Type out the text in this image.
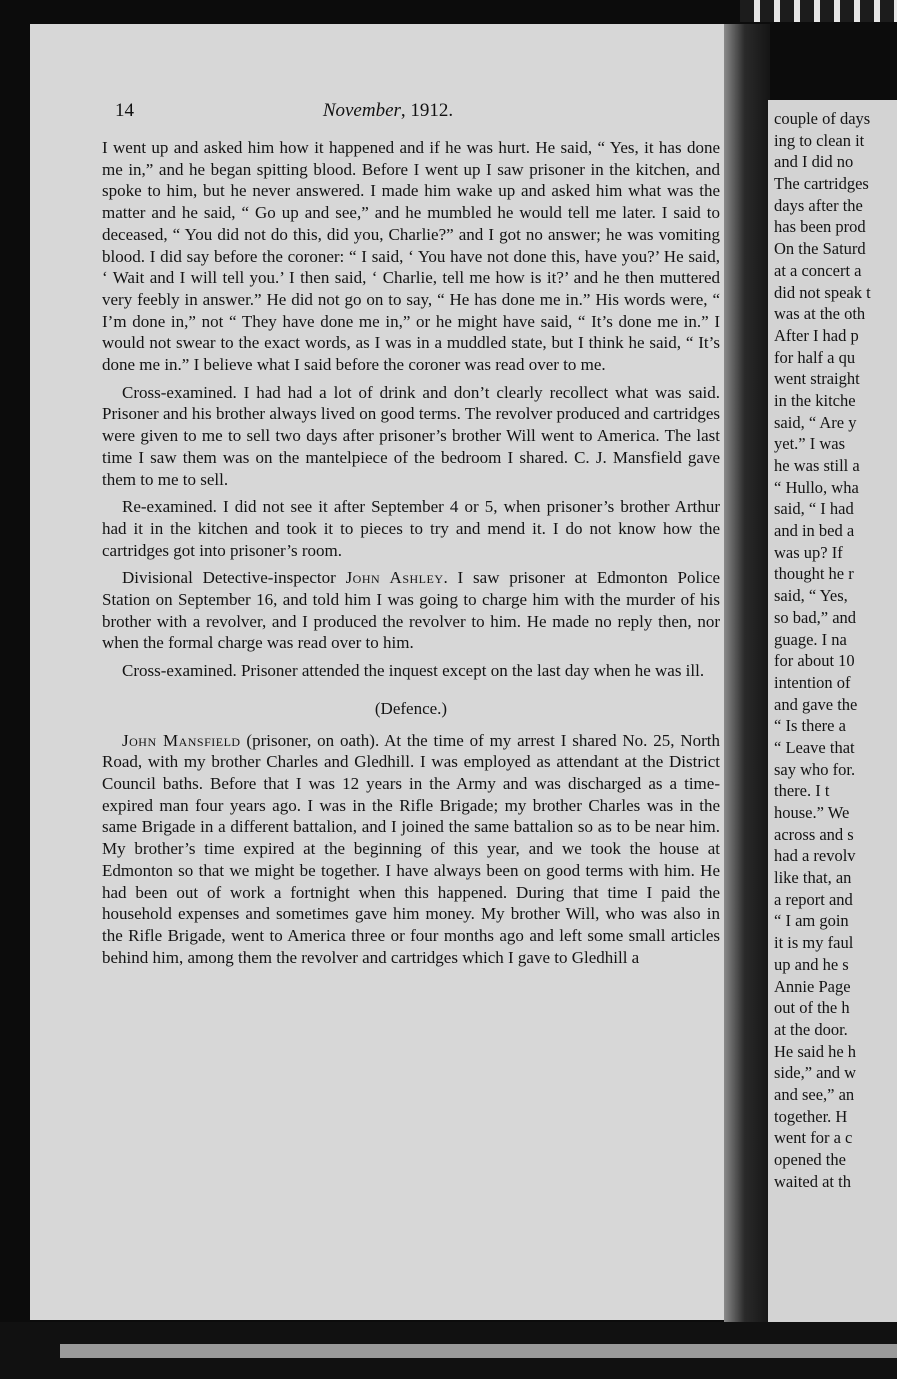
14	November, 1912.

I went up and asked him how it happened and if he was hurt. He said, “ Yes, it has done me in,” and he began spitting blood. Before I went up I saw prisoner in the kitchen, and spoke to him, but he never answered. I made him wake up and asked him what was the matter and he said, “ Go up and see,” and he mumbled he would tell me later. I said to deceased, “ You did not do this, did you, Charlie?” and I got no answer; he was vomiting blood. I did say before the coroner: “ I said, ‘ You have not done this, have you?’ He said, ‘ Wait and I will tell you.’ I then said, ‘ Charlie, tell me how is it?’ and he then muttered very feebly in answer.” He did not go on to say, “ He has done me in.” His words were, “ I’m done in,” not “ They have done me in,” or he might have said, “ It’s done me in.” I would not swear to the exact words, as I was in a muddled state, but I think he said, “ It’s done me in.” I believe what I said before the coroner was read over to me.

Cross-examined. I had had a lot of drink and don’t clearly recollect what was said. Prisoner and his brother always lived on good terms. The revolver produced and cartridges were given to me to sell two days after prisoner’s brother Will went to America. The last time I saw them was on the mantelpiece of the bedroom I shared. C. J. Mansfield gave them to me to sell.

Re-examined. I did not see it after September 4 or 5, when prisoner’s brother Arthur had it in the kitchen and took it to pieces to try and mend it. I do not know how the cartridges got into prisoner’s room.

Divisional Detective-inspector John Ashley. I saw prisoner at Edmonton Police Station on September 16, and told him I was going to charge him with the murder of his brother with a revolver, and I produced the revolver to him. He made no reply then, nor when the formal charge was read over to him.

Cross-examined. Prisoner attended the inquest except on the last day when he was ill.

(Defence.)

John Mansfield (prisoner, on oath). At the time of my arrest I shared No. 25, North Road, with my brother Charles and Gledhill. I was employed as attendant at the District Council baths. Before that I was 12 years in the Army and was discharged as a time-expired man four years ago. I was in the Rifle Brigade; my brother Charles was in the same Brigade in a different battalion, and I joined the same battalion so as to be near him. My brother’s time expired at the beginning of this year, and we took the house at Edmonton so that we might be together. I have always been on good terms with him. He had been out of work a fortnight when this happened. During that time I paid the household expenses and sometimes gave him money. My brother Will, who was also in the Rifle Brigade, went to America three or four months ago and left some small articles behind him, among them the revolver and cartridges which I gave to Gledhill a

couple of days
ing to clean it
and I did no
The cartridges
days after the
has been prod
On the Saturd
at a concert a
did not speak t
was at the oth
After I had p
for half a qu
went straight
in the kitche
said, “ Are y
yet.” I was
he was still a
“ Hullo, wha
said, “ I had
and in bed a
was up? If
thought he r
said, “ Yes,
so bad,” and
guage. I na
for about 10
intention of
and gave the
“ Is there a
“ Leave that
say who for.
there. I t
house.” We
across and s
had a revolv
like that, an
a report and
“ I am goin
it is my faul
up and he s
Annie Page
out of the h
at the door.
He said he h
side,” and w
and see,” an
together. H
went for a c
opened the
waited at th
